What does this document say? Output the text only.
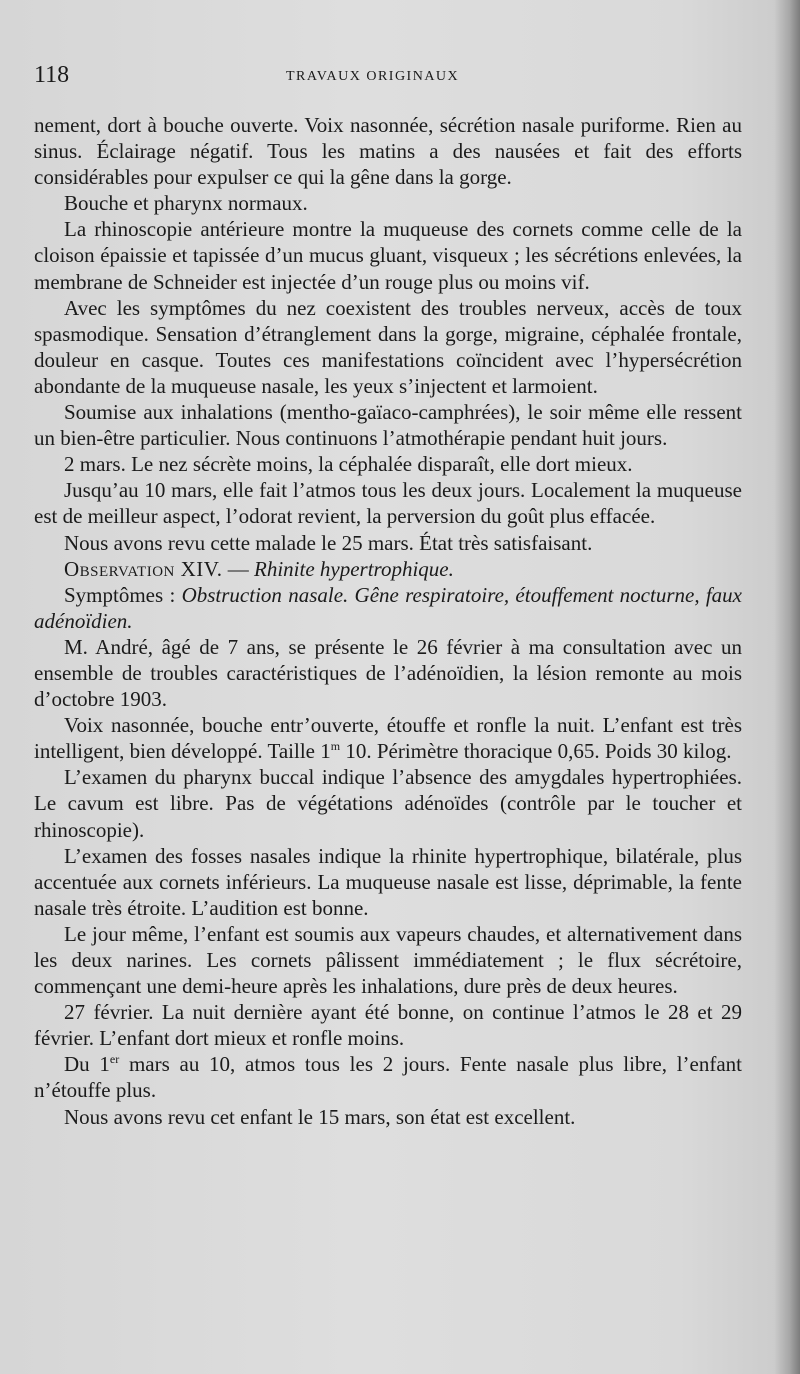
118	TRAVAUX ORIGINAUX

nement, dort à bouche ouverte. Voix nasonnée, sécrétion nasale puriforme. Rien au sinus. Éclairage négatif. Tous les matins a des nausées et fait des efforts considérables pour expulser ce qui la gêne dans la gorge.

Bouche et pharynx normaux.

La rhinoscopie antérieure montre la muqueuse des cornets comme celle de la cloison épaissie et tapissée d’un mucus gluant, visqueux ; les sécrétions enlevées, la membrane de Schneider est injectée d’un rouge plus ou moins vif.

Avec les symptômes du nez coexistent des troubles nerveux, accès de toux spasmodique. Sensation d’étranglement dans la gorge, migraine, céphalée frontale, douleur en casque. Toutes ces manifestations coïncident avec l’hypersécrétion abondante de la muqueuse nasale, les yeux s’injectent et larmoient.

Soumise aux inhalations (mentho-gaïaco-camphrées), le soir même elle ressent un bien-être particulier. Nous continuons l’atmothérapie pendant huit jours.

2 mars. Le nez sécrète moins, la céphalée disparaît, elle dort mieux.

Jusqu’au 10 mars, elle fait l’atmos tous les deux jours. Localement la muqueuse est de meilleur aspect, l’odorat revient, la perversion du goût plus effacée.

Nous avons revu cette malade le 25 mars. État très satisfaisant.

Observation XIV. — Rhinite hypertrophique.

Symptômes : Obstruction nasale. Gêne respiratoire, étouffement nocturne, faux adénoïdien.

M. André, âgé de 7 ans, se présente le 26 février à ma consultation avec un ensemble de troubles caractéristiques de l’adénoïdien, la lésion remonte au mois d’octobre 1903.

Voix nasonnée, bouche entr’ouverte, étouffe et ronfle la nuit. L’enfant est très intelligent, bien développé. Taille 1$^m$ 10. Périmètre thoracique 0,65. Poids 30 kilog.

L’examen du pharynx buccal indique l’absence des amygdales hypertrophiées. Le cavum est libre. Pas de végétations adénoïdes (contrôle par le toucher et rhinoscopie).

L’examen des fosses nasales indique la rhinite hypertrophique, bilatérale, plus accentuée aux cornets inférieurs. La muqueuse nasale est lisse, déprimable, la fente nasale très étroite. L’audition est bonne.

Le jour même, l’enfant est soumis aux vapeurs chaudes, et alternativement dans les deux narines. Les cornets pâlissent immédiatement ; le flux sécrétoire, commençant une demi-heure après les inhalations, dure près de deux heures.

27 février. La nuit dernière ayant été bonne, on continue l’atmos le 28 et 29 février. L’enfant dort mieux et ronfle moins.

Du 1er mars au 10, atmos tous les 2 jours. Fente nasale plus libre, l’enfant n’étouffe plus.

Nous avons revu cet enfant le 15 mars, son état est excellent.
